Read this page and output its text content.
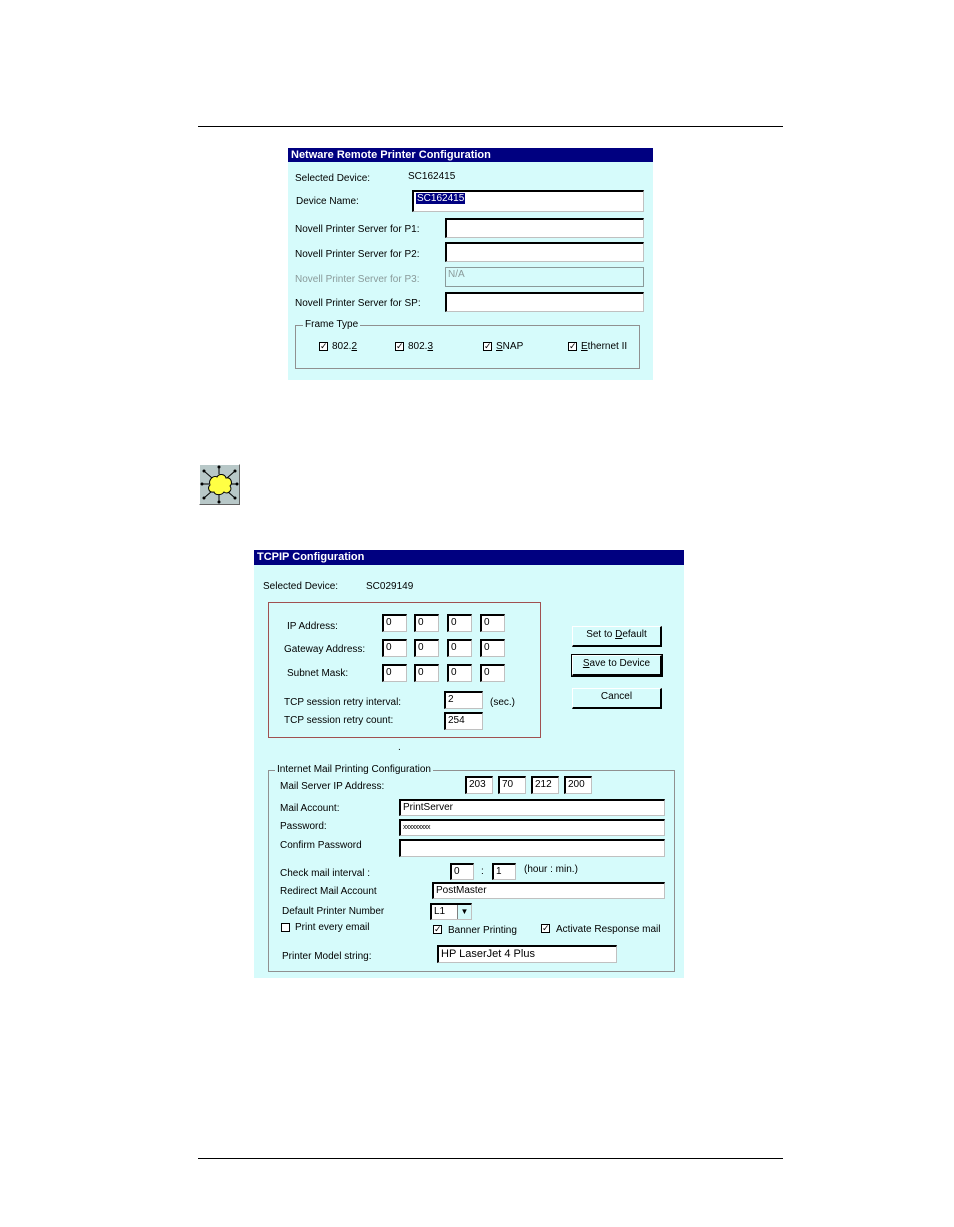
Netware Remote Printer Configuration
Selected Device:	SC162415
Device Name:	SC162415
Novell Printer Server for P1:
Novell Printer Server for P2:
Novell Printer Server for P3:	N/A
Novell Printer Server for SP:
Frame Type
✓ 802.2	✓ 802.3	✓ SNAP	✓ Ethernet II
TCPIP Configuration
Selected Device:	SC029149
IP Address:	0	0	0	0
Gateway Address:	0	0	0	0
Subnet Mask:	0	0	0	0
TCP session retry interval:	2	(sec.)
TCP session retry count:	254
Set to Default
Save to Device
Cancel
.
Internet Mail Printing Configuration
Mail Server IP Address:	203	70	212	200
Mail Account:	PrintServer
Password:	xxxxxxxxx
Confirm Password
Check mail interval :	0	:	1	(hour : min.)
Redirect Mail Account	PostMaster
Default Printer Number	L1	▼
Print every email	✓ Banner Printing	✓ Activate Response mail
Printer Model string:	HP LaserJet 4 Plus
